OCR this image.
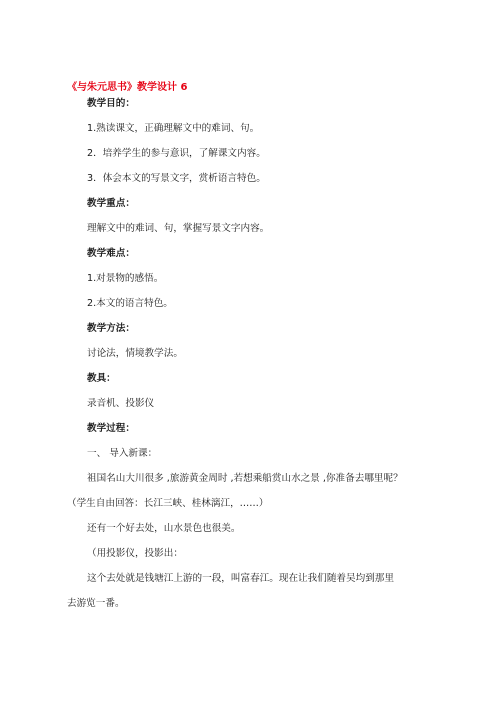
《与朱元思书》教学设计 6
教学目的：
1.熟读课文，正确理解文中的难词、句。
2．培养学生的参与意识，了解课文内容。
3．体会本文的写景文字，赏析语言特色。
教学重点：
理解文中的难词、句，掌握写景文字内容。
教学难点：
1.对景物的感悟。
2.本文的语言特色。
教学方法：
讨论法，情境教学法。
教具：
录音机、投影仪
教学过程：
一、 导入新课：
祖国名山大川很多 ,旅游黄金周时 ,若想乘船赏山水之景 ,你准备去哪里呢？
（学生自由回答：长江三峡、桂林漓江，……）
还有一个好去处，山水景色也很美。
（用投影仪，投影出：
这个去处就是钱塘江上游的一段，叫富春江。现在让我们随着吴均到那里
去游览一番。
